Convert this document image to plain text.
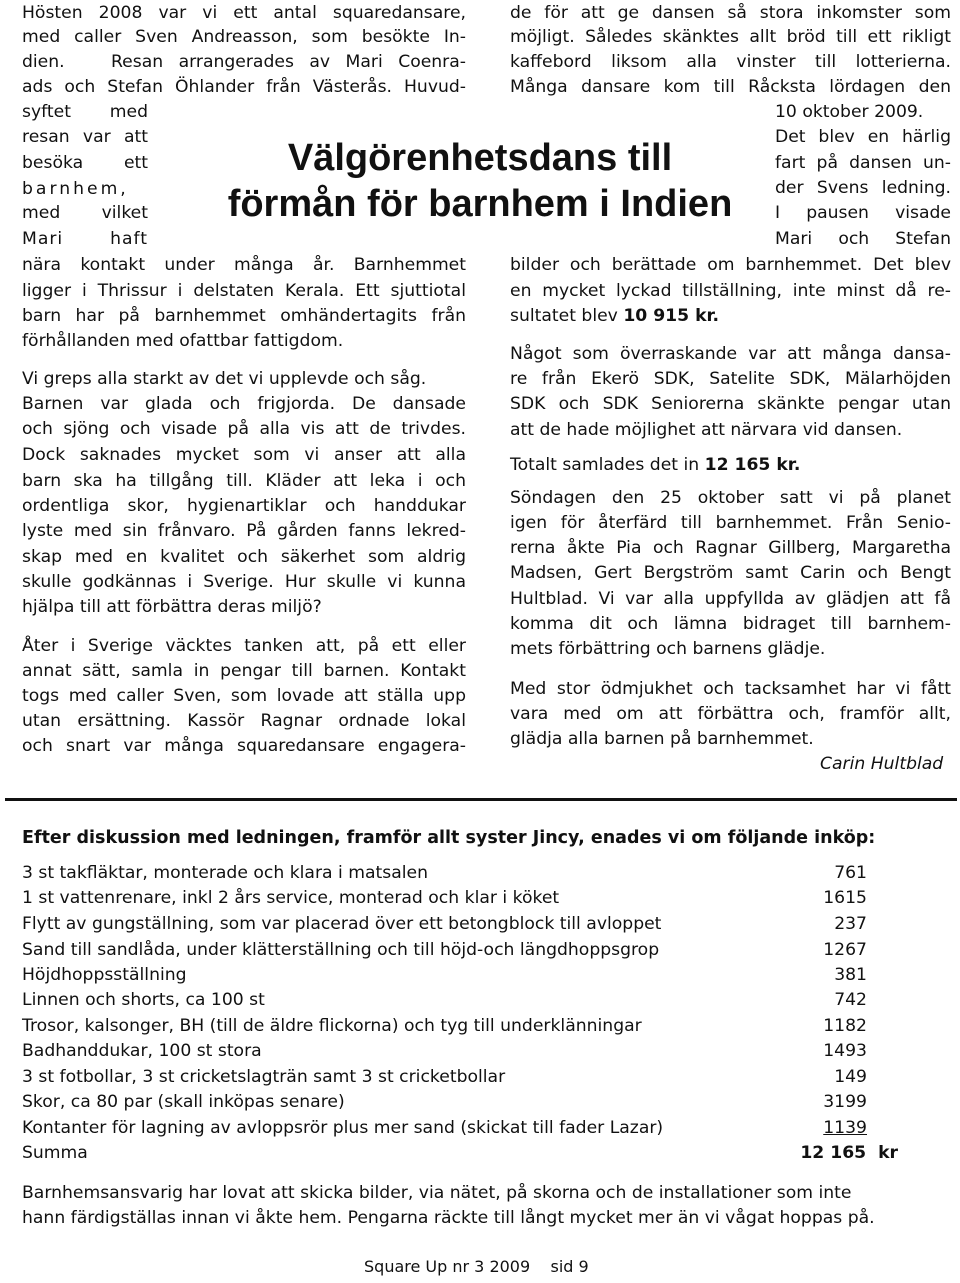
Välgörenhetsdans till
förmån för barnhem i Indien
Hösten 2008 var vi ett antal squaredansare,
med caller Sven Andreasson, som besökte In-
dien.   Resan arrangerades av Mari Coenra-
ads och Stefan Öhlander från Västerås. Huvud-
syftet med
resan var att
besöka ett
barnhem,
med vilket
Mari haft
nära kontakt under många år. Barnhemmet
ligger i Thrissur i delstaten Kerala. Ett sjuttiotal
barn har på barnhemmet omhändertagits från
förhållanden med ofattbar fattigdom.
Vi greps alla starkt av det vi upplevde och såg.
Barnen var glada och frigjorda. De dansade
och sjöng och visade på alla vis att de trivdes.
Dock saknades mycket som vi anser att alla
barn ska ha tillgång till. Kläder att leka i och
ordentliga skor, hygienartiklar och handdukar
lyste med sin frånvaro. På gården fanns lekred-
skap med en kvalitet och säkerhet som aldrig
skulle godkännas i Sverige. Hur skulle vi kunna
hjälpa till att förbättra deras miljö?
Åter i Sverige väcktes tanken att, på ett eller
annat sätt, samla in pengar till barnen. Kontakt
togs med caller Sven, som lovade att ställa upp
utan ersättning. Kassör Ragnar ordnade lokal
och snart var många squaredansare engagera-
de för att ge dansen så stora inkomster som
möjligt. Således skänktes allt bröd till ett rikligt
kaffebord liksom alla vinster till lotterierna.
Många dansare kom till Råcksta lördagen den
10 oktober 2009.
Det blev en härlig
fart på dansen un-
der Svens ledning.
I pausen visade
Mari och Stefan
bilder och berättade om barnhemmet. Det blev
en mycket lyckad tillställning, inte minst då re-
sultatet blev 10 915 kr.
Något som överraskande var att många dansa-
re från Ekerö SDK, Satelite SDK, Mälarhöjden
SDK och SDK Seniorerna skänkte pengar utan
att de hade möjlighet att närvara vid dansen.
Totalt samlades det in 12 165 kr.
Söndagen den 25 oktober satt vi på planet
igen för återfärd till barnhemmet. Från Senio-
rerna åkte Pia och Ragnar Gillberg, Margaretha
Madsen, Gert Bergström samt Carin och Bengt
Hultblad. Vi var alla uppfyllda av glädjen att få
komma dit och lämna bidraget till barnhem-
mets förbättring och barnens glädje.
Med stor ödmjukhet och tacksamhet har vi fått
vara med om att förbättra och, framför allt,
glädja alla barnen på barnhemmet.
Carin Hultblad
Efter diskussion med ledningen, framför allt syster Jincy, enades vi om följande inköp:
3 st takfläktar, monterade och klara i matsalen	761
1 st vattenrenare, inkl 2 års service, monterad och klar i köket	1615
Flytt av gungställning, som var placerad över ett betongblock till avloppet	237
Sand till sandlåda, under klätterställning och till höjd-och längdhoppsgrop	1267
Höjdhoppsställning	381
Linnen och shorts, ca 100 st	742
Trosor, kalsonger, BH (till de äldre flickorna) och tyg till underklänningar	1182
Badhanddukar, 100 st stora	1493
3 st fotbollar, 3 st cricketslagträn samt 3 st cricketbollar	149
Skor, ca 80 par (skall inköpas senare)	3199
Kontanter för lagning av avloppsrör plus mer sand (skickat till fader Lazar)	1139
Summa	12 165  kr
Barnhemsansvarig har lovat att skicka bilder, via nätet, på skorna och de installationer som inte
hann färdigställas innan vi åkte hem. Pengarna räckte till långt mycket mer än vi vågat hoppas på.
Square Up nr 3 2009    sid 9
